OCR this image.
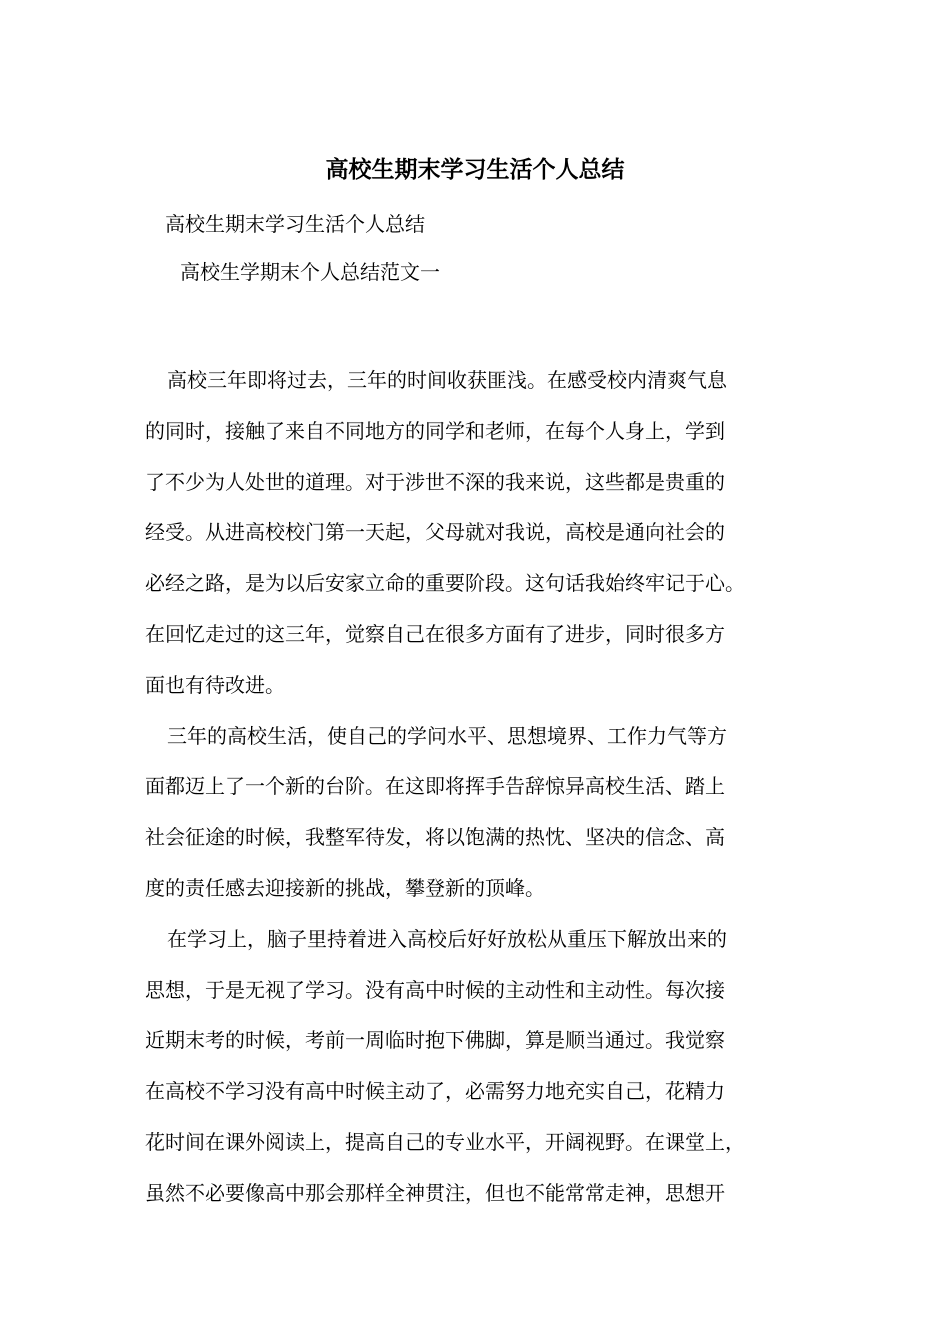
高校生期末学习生活个人总结

高校生期末学习生活个人总结

高校生学期末个人总结范文一

高校三年即将过去，三年的时间收获匪浅。在感受校内清爽气息
的同时，接触了来自不同地方的同学和老师，在每个人身上，学到
了不少为人处世的道理。对于涉世不深的我来说，这些都是贵重的
经受。从进高校校门第一天起，父母就对我说，高校是通向社会的
必经之路，是为以后安家立命的重要阶段。这句话我始终牢记于心。
在回忆走过的这三年，觉察自己在很多方面有了进步，同时很多方
面也有待改进。

三年的高校生活，使自己的学问水平、思想境界、工作力气等方
面都迈上了一个新的台阶。在这即将挥手告辞惊异高校生活、踏上
社会征途的时候，我整军待发，将以饱满的热忱、坚决的信念、高
度的责任感去迎接新的挑战，攀登新的顶峰。

在学习上，脑子里持着进入高校后好好放松从重压下解放出来的
思想，于是无视了学习。没有高中时候的主动性和主动性。每次接
近期末考的时候，考前一周临时抱下佛脚，算是顺当通过。我觉察
在高校不学习没有高中时候主动了，必需努力地充实自己，花精力
花时间在课外阅读上，提高自己的专业水平，开阔视野。在课堂上，
虽然不必要像高中那会那样全神贯注，但也不能常常走神，思想开
